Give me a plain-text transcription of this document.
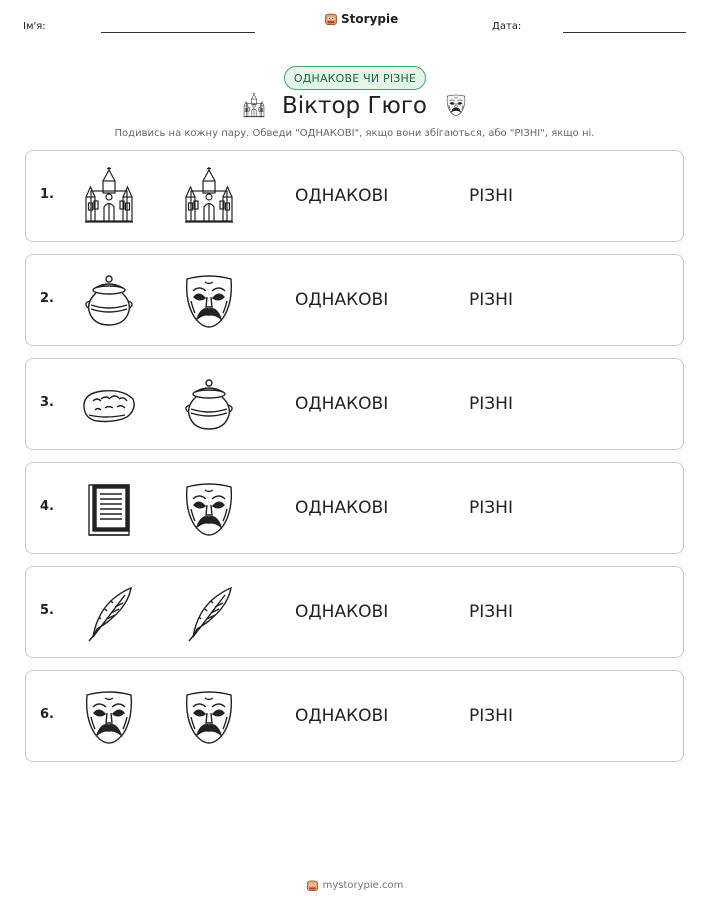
Ім'я:
Storypie
Дата:
ОДНАКОВЕ ЧИ РІЗНЕ
Віктор Гюго
Подивись на кожну пару. Обведи "ОДНАКОВІ", якщо вони збігаються, або "РІЗНІ", якщо ні.
1.	ОДНАКОВІ	РІЗНІ
2.	ОДНАКОВІ	РІЗНІ
3.	ОДНАКОВІ	РІЗНІ
4.	ОДНАКОВІ	РІЗНІ
5.	ОДНАКОВІ	РІЗНІ
6.	ОДНАКОВІ	РІЗНІ
mystorypie.com
